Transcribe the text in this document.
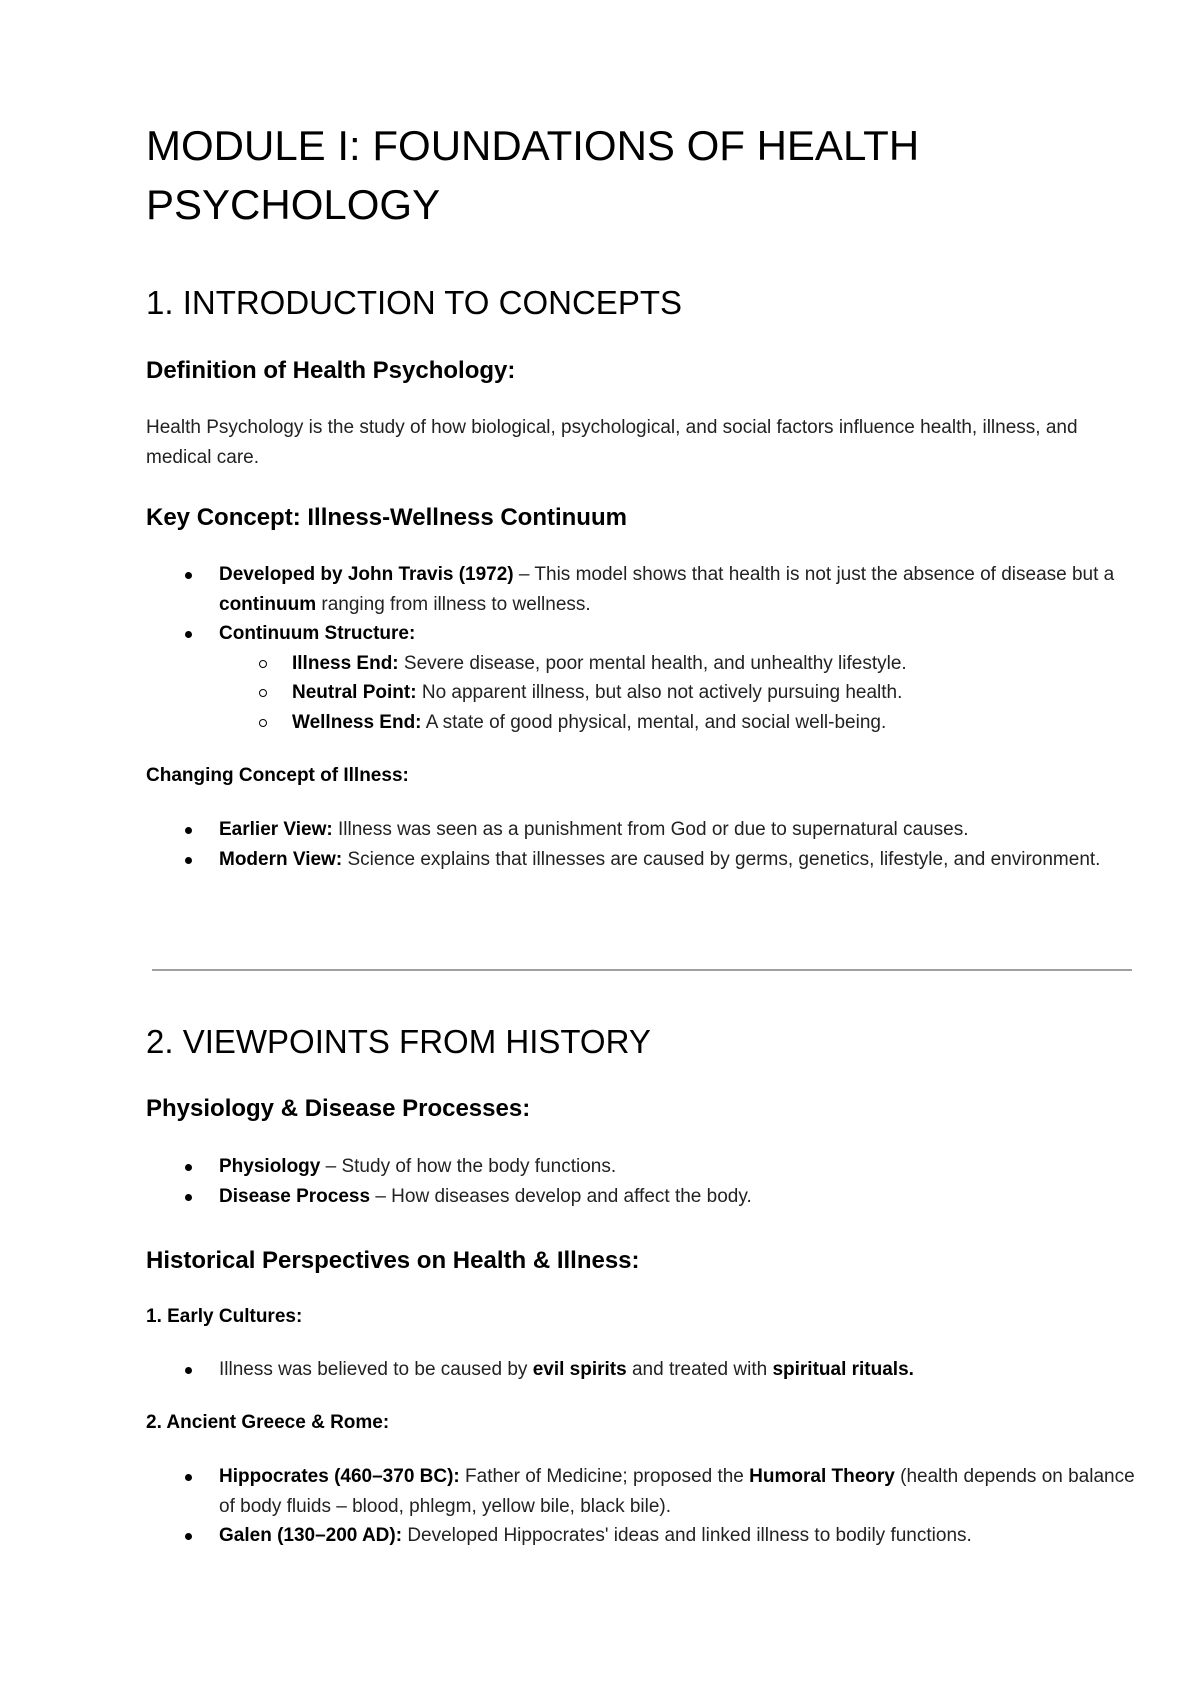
MODULE I: FOUNDATIONS OF HEALTH
PSYCHOLOGY
1. INTRODUCTION TO CONCEPTS
Definition of Health Psychology:

Health Psychology is the study of how biological, psychological, and social factors influence health, illness, and medical care.

Key Concept: Illness-Wellness Continuum
Developed by John Travis (1972) – This model shows that health is not just the absence of disease but a continuum ranging from illness to wellness.
Continuum Structure:
Illness End: Severe disease, poor mental health, and unhealthy lifestyle.
Neutral Point: No apparent illness, but also not actively pursuing health.
Wellness End: A state of good physical, mental, and social well-being.
Changing Concept of Illness:
Earlier View: Illness was seen as a punishment from God or due to supernatural causes.
Modern View: Science explains that illnesses are caused by germs, genetics, lifestyle, and environment.
2. VIEWPOINTS FROM HISTORY
Physiology & Disease Processes:
Physiology – Study of how the body functions.
Disease Process – How diseases develop and affect the body.
Historical Perspectives on Health & Illness:
1. Early Cultures:
Illness was believed to be caused by evil spirits and treated with spiritual rituals.
2. Ancient Greece & Rome:
Hippocrates (460–370 BC): Father of Medicine; proposed the Humoral Theory (health depends on balance of body fluids – blood, phlegm, yellow bile, black bile).
Galen (130–200 AD): Developed Hippocrates' ideas and linked illness to bodily functions.
